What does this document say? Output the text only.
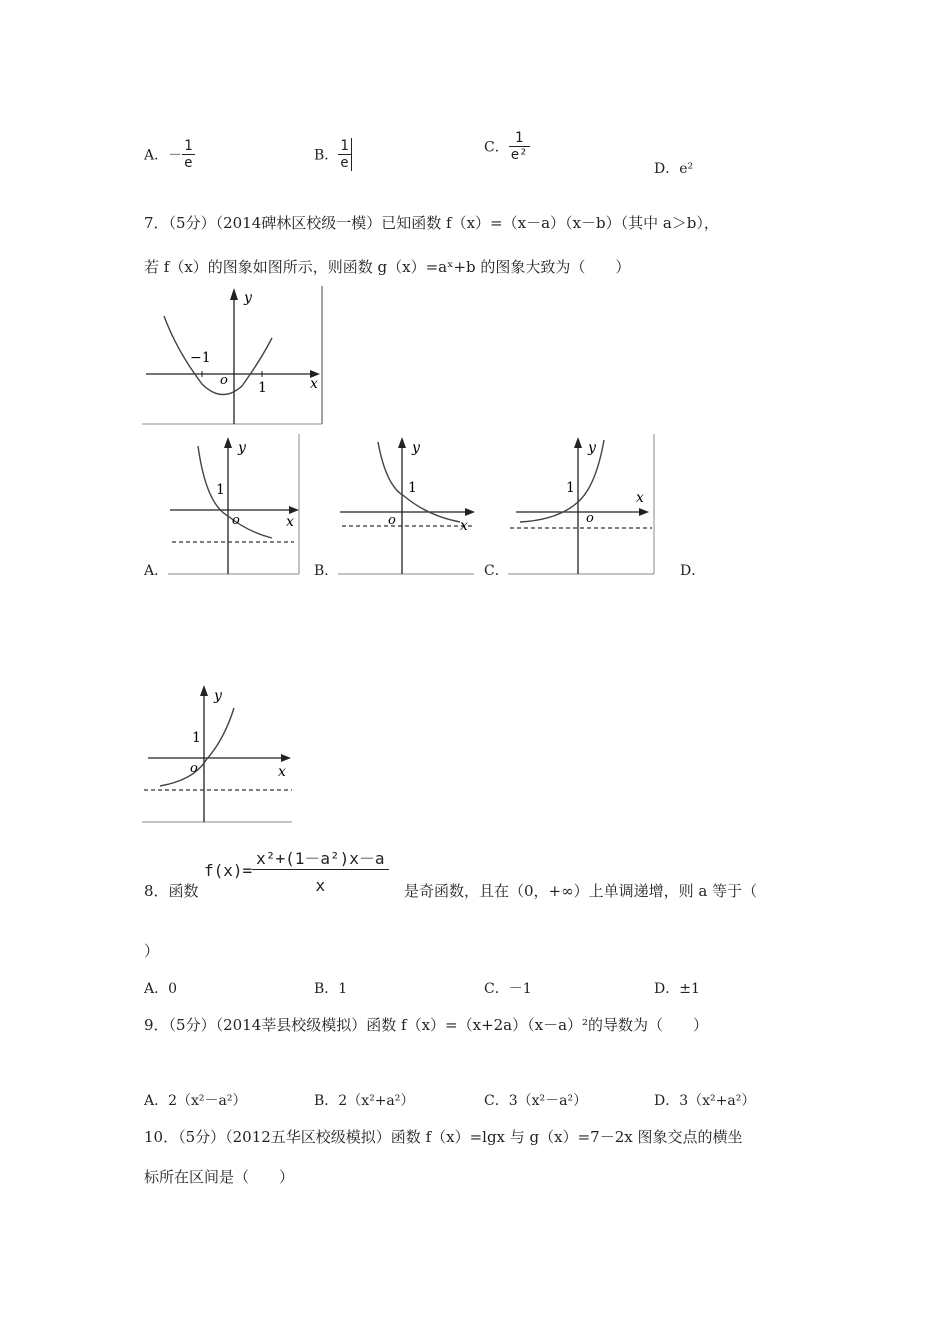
A．－ $\frac{1}{e}$	B． $\frac{1}{e}$	C． $\frac{1}{\text{e²}}$
D．e²
7．（5分）（2014碑林区校级一模）已知函数 f（x）=（x－a）（x－b）（其中 a＞b），
若 f（x）的图象如图所示，则函数 g（x）=aˣ+b 的图象大致为（　　）
y
x
o
−1
1
A．
y
x
o
1
B．
y
x
o
1
C．
y
x
o
1
D．
y
x
o
1
8．函数
$f(x)= \frac{\text{x²+(1－a²)x－a}}{x}$ 是奇函数，且在（0，+∞）上单调递增，则 a 等于（
）
A．0	B．1	C．－1	D．±1
9．（5分）（2014莘县校级模拟）函数 f（x）=（x+2a）（x－a）²的导数为（　　）
A．2（x²－a²）	B．2（x²+a²）	C．3（x²－a²）	D．3（x²+a²）
10．（5分）（2012五华区校级模拟）函数 f（x）=lgx 与 g（x）=7－2x 图象交点的横坐
标所在区间是（　　）
